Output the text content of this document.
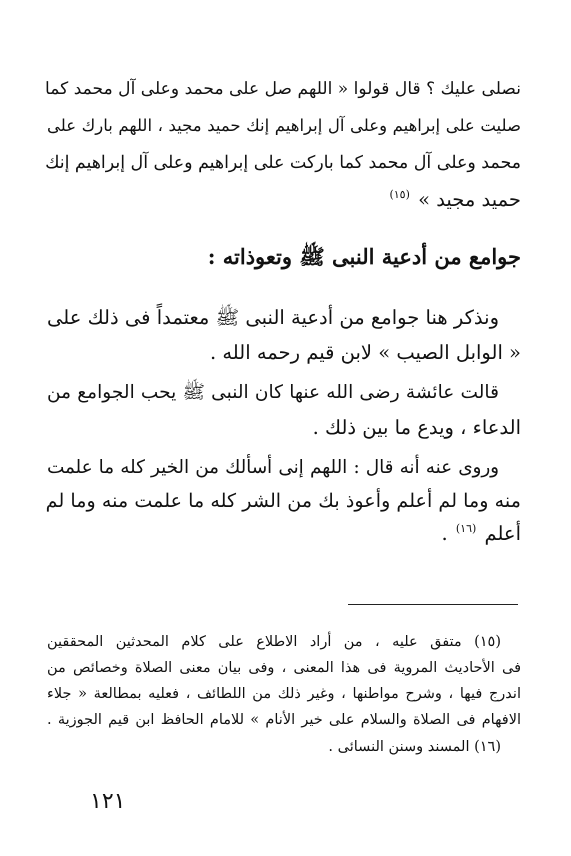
نصلى عليك ؟ قال قولوا « اللهم صل على محمد وعلى آل محمد كما
صليت على إبراهيم وعلى آل إبراهيم إنك حميد مجيد ، اللهم بارك على
محمد وعلى آل محمد كما باركت على إبراهيم وعلى آل إبراهيم إنك
حميد مجيد » $^{(١٥)}$
جوامع من أدعية النبى ﷺ وتعوذاته :
ونذكر هنا جوامع من أدعية النبى ﷺ معتمداً فى ذلك على
« الوابل الصيب » لابن قيم رحمه الله .
قالت عائشة رضى الله عنها كان النبى ﷺ يحب الجوامع من
الدعاء ، ويدع ما بين ذلك .
وروى عنه أنه قال : اللهم إنى أسألك من الخير كله ما علمت
منه وما لم أعلم وأعوذ بك من الشر كله ما علمت منه وما لم
أعلم $^{(١٦)}$ .
(١٥) متفق عليه ، من أراد الاطلاع على كلام المحدثين المحققين
فى الأحاديث المروية فى هذا المعنى ، وفى بيان معنى الصلاة وخصائص من
اندرج فيها ، وشرح مواطنها ، وغير ذلك من اللطائف ، فعليه بمطالعة « جلاء
الافهام فى الصلاة والسلام على خير الأنام » للامام الحافظ ابن قيم الجوزية .
(١٦) المسند وسنن النسائى .
١٢١
